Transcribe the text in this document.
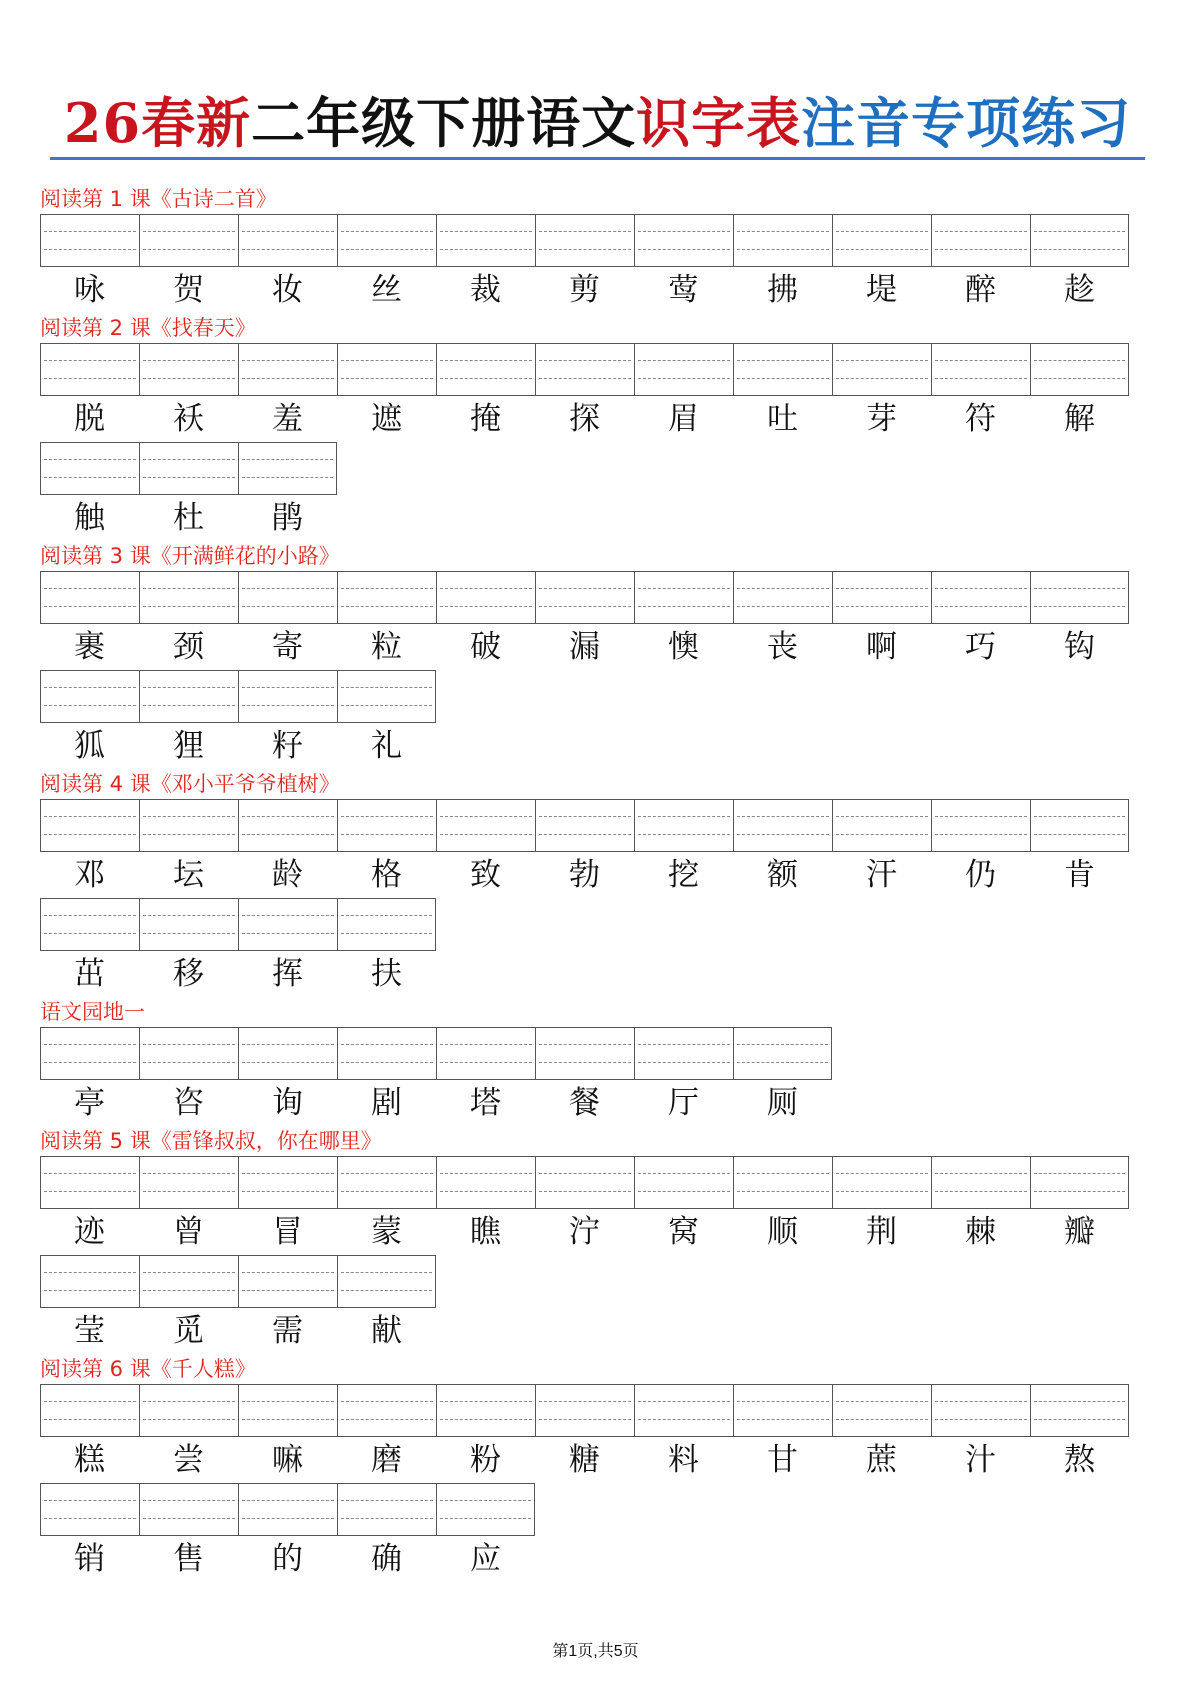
26春新二年级下册语文识字表注音专项练习
阅读第 1 课《古诗二首》
咏	贺	妆	丝	裁	剪	莺	拂	堤	醉	趁
阅读第 2 课《找春天》
脱	袄	羞	遮	掩	探	眉	吐	芽	符	解
触	杜	鹃
阅读第 3 课《开满鲜花的小路》
裹	颈	寄	粒	破	漏	懊	丧	啊	巧	钩
狐	狸	籽	礼
阅读第 4 课《邓小平爷爷植树》
邓	坛	龄	格	致	勃	挖	额	汗	仍	肯
茁	移	挥	扶
语文园地一
亭	咨	询	剧	塔	餐	厅	厕
阅读第 5 课《雷锋叔叔，你在哪里》
迹	曾	冒	蒙	瞧	泞	窝	顺	荆	棘	瓣
莹	觅	需	献
阅读第 6 课《千人糕》
糕	尝	嘛	磨	粉	糖	料	甘	蔗	汁	熬
销	售	的	确	应
第1页,共5页
